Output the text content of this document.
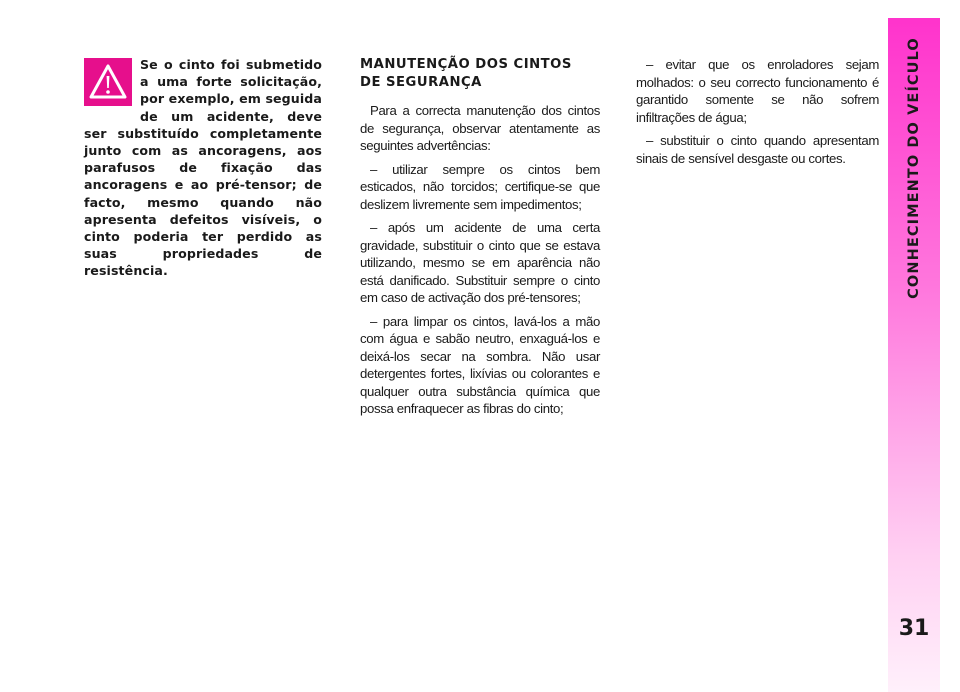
CONHECIMENTO DO VEÍCULO
31

Se o cinto foi submetido a uma forte solicitação, por exemplo, em seguida de um acidente, deve ser substituído completamente junto com as ancoragens, aos parafusos de fixação das ancoragens e ao pré-tensor; de facto, mesmo quando não apresenta defeitos visíveis, o cinto poderia ter perdido as suas propriedades de resistência.

MANUTENÇÃO DOS CINTOS
DE SEGURANÇA

Para a correcta manutenção dos cintos de segurança, observar atentamente as seguintes advertências:

– utilizar sempre os cintos bem esticados, não torcidos; certifique-se que deslizem livremente sem impedimentos;

– após um acidente de uma certa gravidade, substituir o cinto que se estava utilizando, mesmo se em aparência não está danificado. Substituir sempre o cinto em caso de activação dos pré-tensores;

– para limpar os cintos, lavá-los a mão com água e sabão neutro, enxaguá-los e deixá-los secar na sombra. Não usar detergentes fortes, lixívias ou colorantes e qualquer outra substância química que possa enfraquecer as fibras do cinto;

– evitar que os enroladores sejam molhados: o seu correcto funcionamento é garantido somente se não sofrem infiltrações de água;

– substituir o cinto quando apresentam sinais de sensível desgaste ou cortes.
